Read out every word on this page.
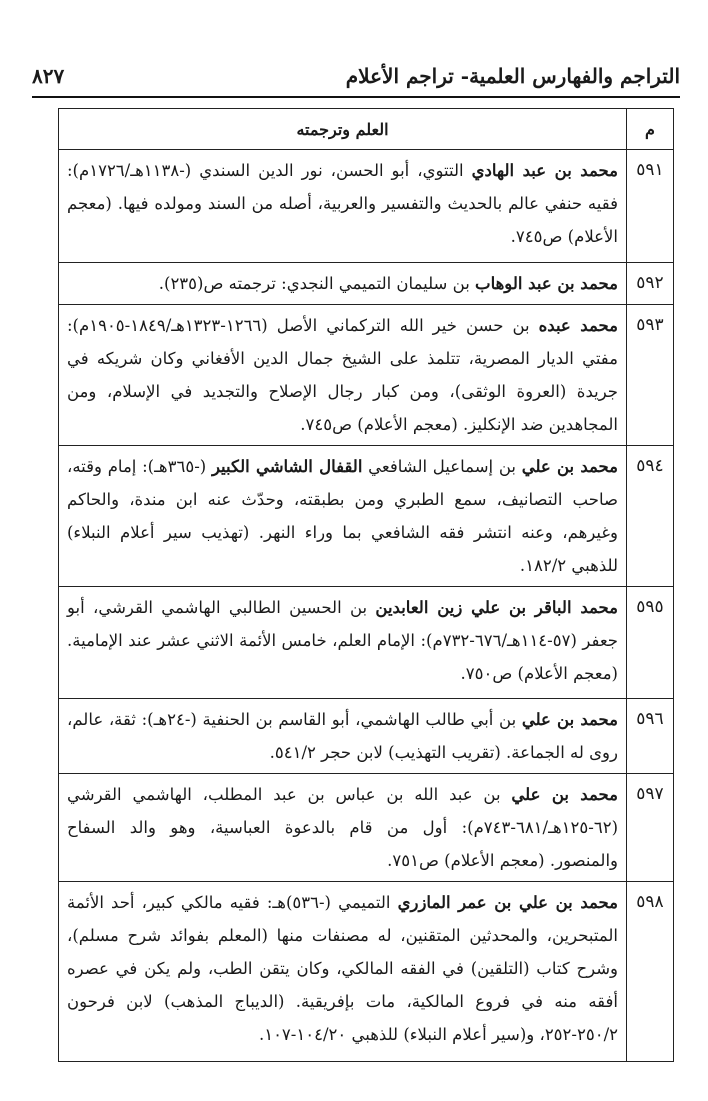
٨٢٧	التراجم والفهارس العلمية- تراجم الأعلام
م	العلم وترجمته
٥٩١	محمد بن عبد الهادي التتوي، أبو الحسن، نور الدين السندي (-١١٣٨هـ/١٧٢٦م): فقيه حنفي عالم بالحديث والتفسير والعربية، أصله من السند ومولده فيها. (معجم الأعلام) ص٧٤٥.
٥٩٢	محمد بن عبد الوهاب بن سليمان التميمي النجدي: ترجمته ص(٢٣٥).
٥٩٣	محمد عبده بن حسن خير الله التركماني الأصل (١٢٦٦-١٣٢٣هـ/١٨٤٩-١٩٠٥م): مفتي الديار المصرية، تتلمذ على الشيخ جمال الدين الأفغاني وكان شريكه في جريدة (العروة الوثقى)، ومن كبار رجال الإصلاح والتجديد في الإسلام، ومن المجاهدين ضد الإنكليز. (معجم الأعلام) ص٧٤٥.
٥٩٤	محمد بن علي بن إسماعيل الشافعي القفال الشاشي الكبير (-٣٦٥هـ): إمام وقته، صاحب التصانيف، سمع الطبري ومن بطبقته، وحدّث عنه ابن مندة، والحاكم وغيرهم، وعنه انتشر فقه الشافعي بما وراء النهر. (تهذيب سير أعلام النبلاء) للذهبي ١٨٢/٢.
٥٩٥	محمد الباقر بن علي زين العابدين بن الحسين الطالبي الهاشمي القرشي، أبو جعفر (٥٧-١١٤هـ/٦٧٦-٧٣٢م): الإمام العلم، خامس الأئمة الاثني عشر عند الإمامية. (معجم الأعلام) ص٧٥٠.
٥٩٦	محمد بن علي بن أبي طالب الهاشمي، أبو القاسم بن الحنفية (-٢٤هـ): ثقة، عالم، روى له الجماعة. (تقريب التهذيب) لابن حجر ٥٤١/٢.
٥٩٧	محمد بن علي بن عبد الله بن عباس بن عبد المطلب، الهاشمي القرشي (٦٢-١٢٥هـ/٦٨١-٧٤٣م): أول من قام بالدعوة العباسية، وهو والد السفاح والمنصور. (معجم الأعلام) ص٧٥١.
٥٩٨	محمد بن علي بن عمر المازري التميمي (-٥٣٦)هـ: فقيه مالكي كبير، أحد الأئمة المتبحرين، والمحدثين المتقنين، له مصنفات منها (المعلم بفوائد شرح مسلم)، وشرح كتاب (التلقين) في الفقه المالكي، وكان يتقن الطب، ولم يكن في عصره أفقه منه في فروع المالكية، مات بإفريقية. (الديباج المذهب) لابن فرحون ٢٥٠/٢-٢٥٢، و(سير أعلام النبلاء) للذهبي ١٠٤/٢٠-١٠٧.
